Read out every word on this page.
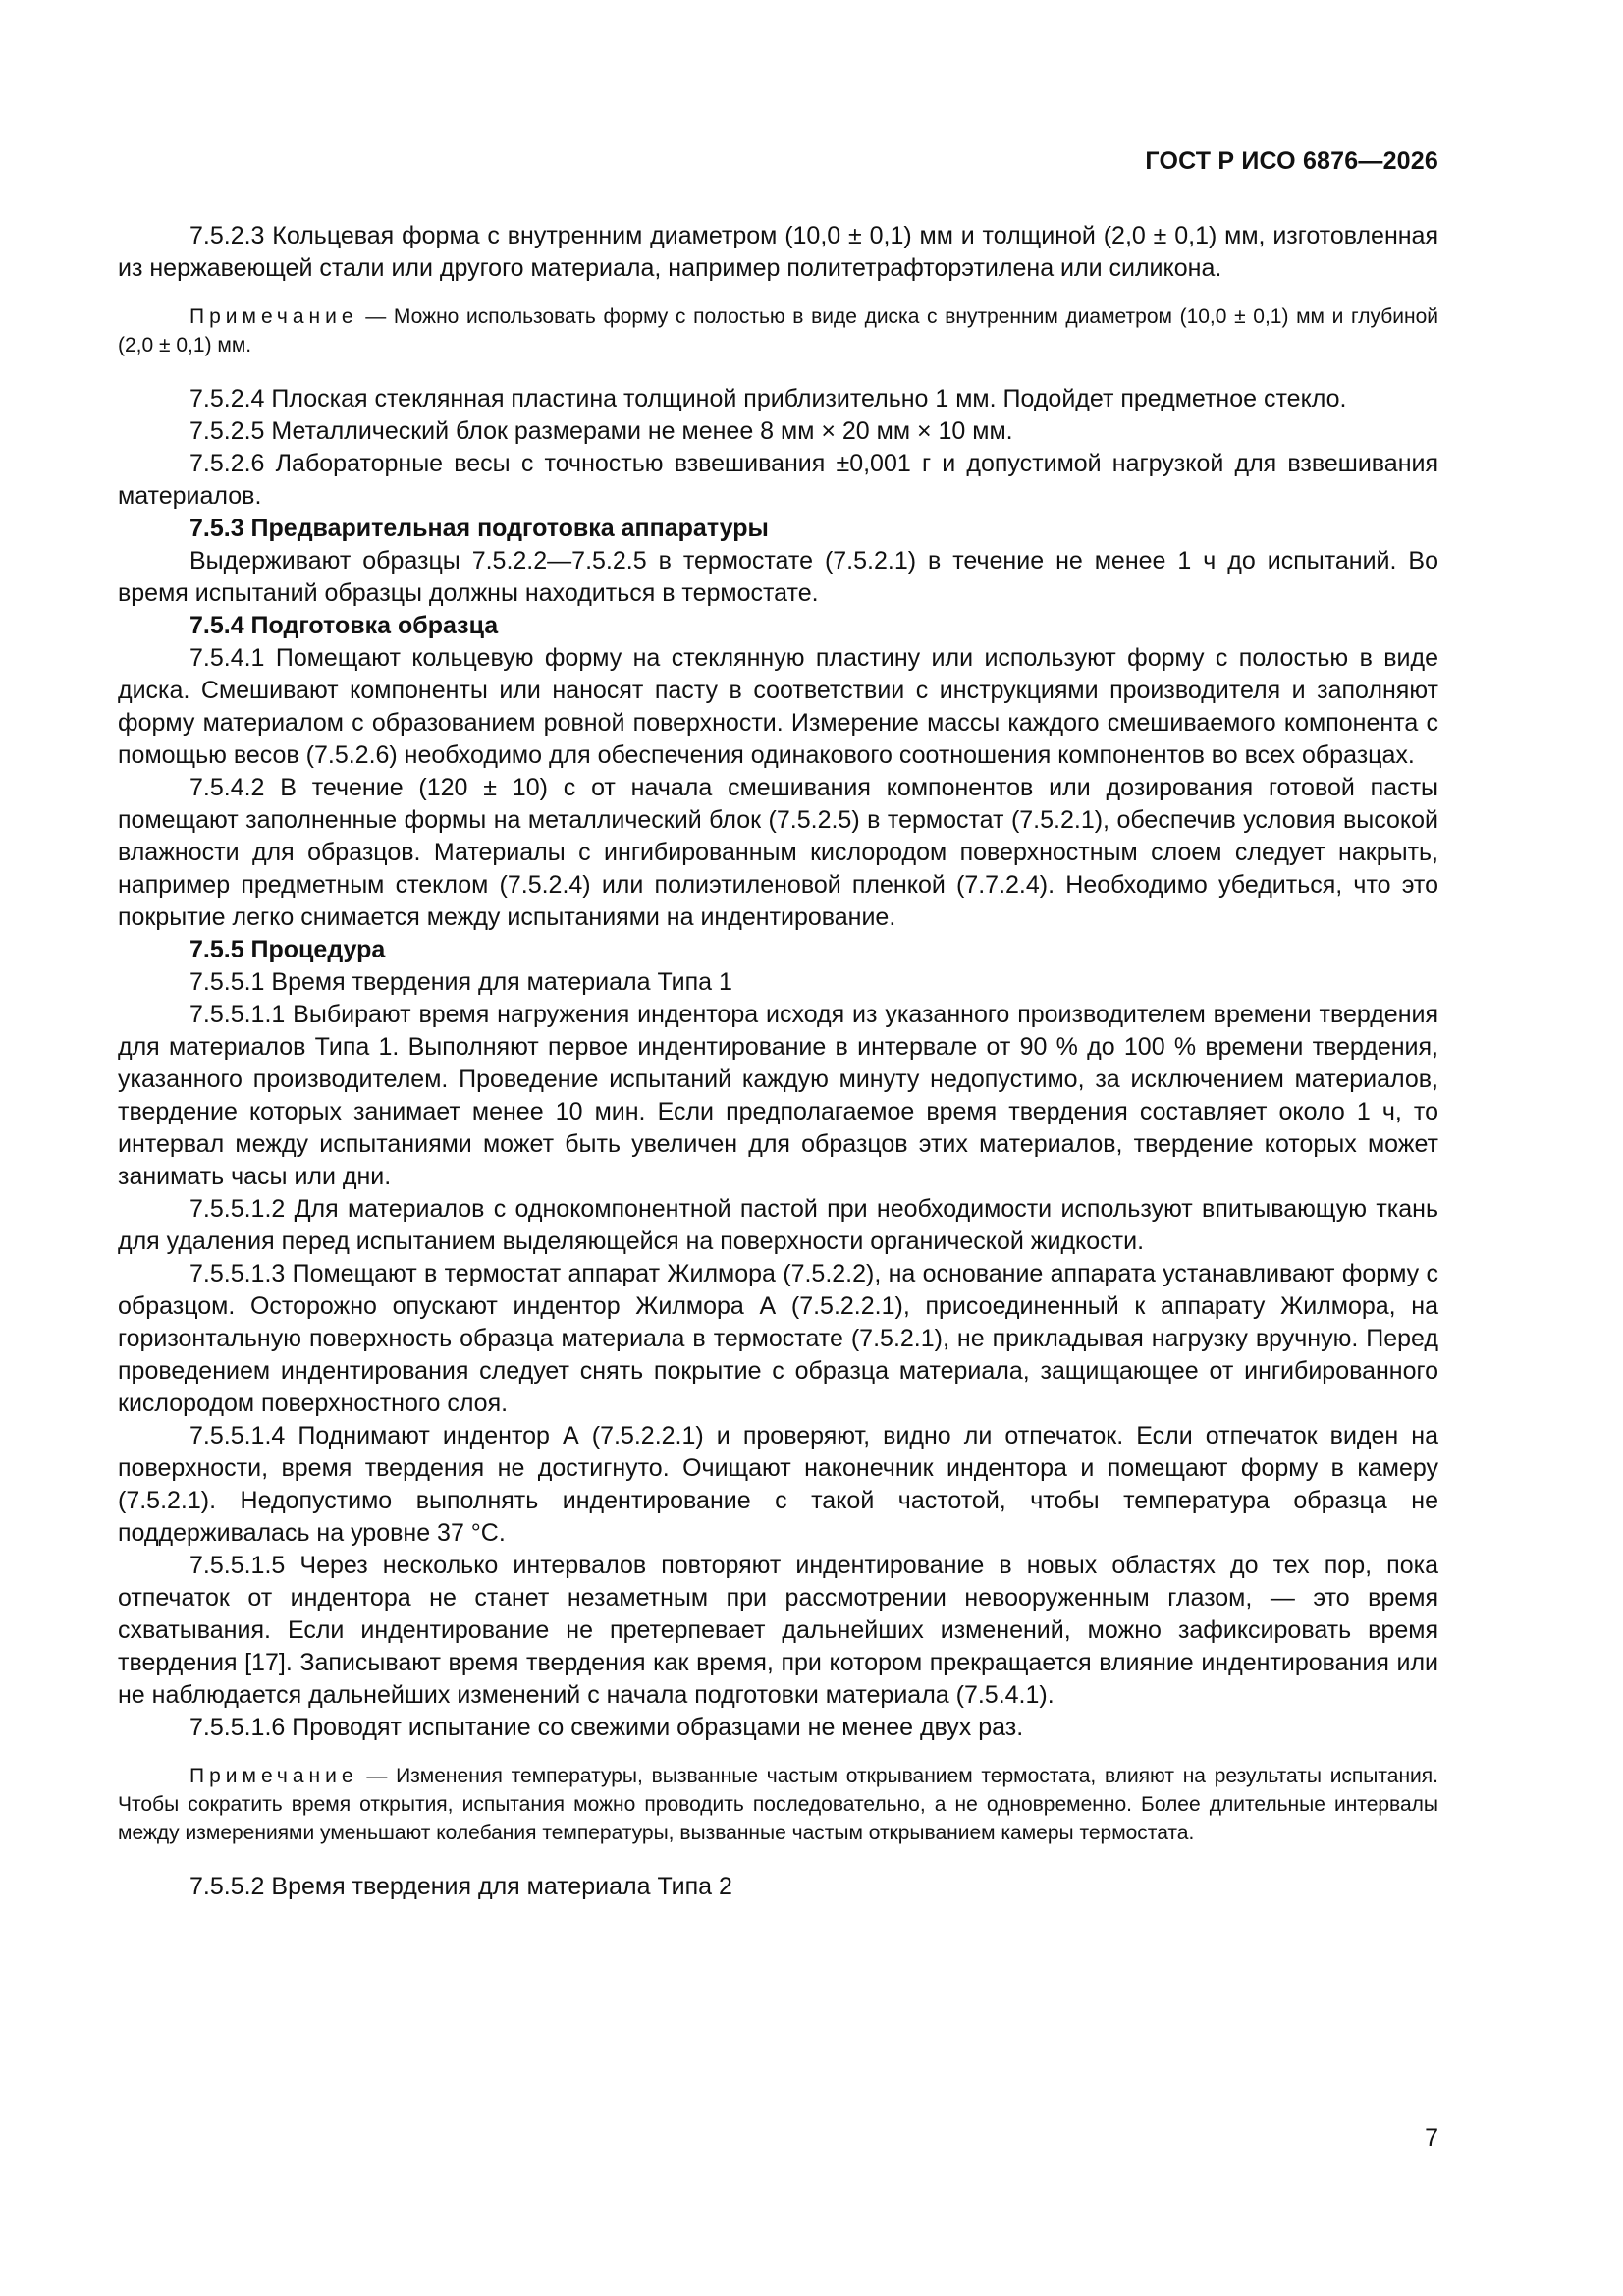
ГОСТ Р ИСО 6876—2026

7.5.2.3 Кольцевая форма с внутренним диаметром (10,0 ± 0,1) мм и толщиной (2,0 ± 0,1) мм, изготовленная из нержавеющей стали или другого материала, например политетрафторэтилена или силикона.

Примечание — Можно использовать форму с полостью в виде диска с внутренним диаметром (10,0 ± 0,1) мм и глубиной (2,0 ± 0,1) мм.

7.5.2.4 Плоская стеклянная пластина толщиной приблизительно 1 мм. Подойдет предметное стекло.

7.5.2.5 Металлический блок размерами не менее 8 мм × 20 мм × 10 мм.

7.5.2.6 Лабораторные весы с точностью взвешивания ±0,001 г и допустимой нагрузкой для взвешивания материалов.

7.5.3 Предварительная подготовка аппаратуры

Выдерживают образцы 7.5.2.2—7.5.2.5 в термостате (7.5.2.1) в течение не менее 1 ч до испытаний. Во время испытаний образцы должны находиться в термостате.

7.5.4 Подготовка образца

7.5.4.1 Помещают кольцевую форму на стеклянную пластину или используют форму с полостью в виде диска. Смешивают компоненты или наносят пасту в соответствии с инструкциями производителя и заполняют форму материалом с образованием ровной поверхности. Измерение массы каждого смешиваемого компонента с помощью весов (7.5.2.6) необходимо для обеспечения одинакового соотношения компонентов во всех образцах.

7.5.4.2 В течение (120 ± 10) с от начала смешивания компонентов или дозирования готовой пасты помещают заполненные формы на металлический блок (7.5.2.5) в термостат (7.5.2.1), обеспечив условия высокой влажности для образцов. Материалы с ингибированным кислородом поверхностным слоем следует накрыть, например предметным стеклом (7.5.2.4) или полиэтиленовой пленкой (7.7.2.4). Необходимо убедиться, что это покрытие легко снимается между испытаниями на индентирование.

7.5.5 Процедура

7.5.5.1 Время твердения для материала Типа 1

7.5.5.1.1 Выбирают время нагружения индентора исходя из указанного производителем времени твердения для материалов Типа 1. Выполняют первое индентирование в интервале от 90 % до 100 % времени твердения, указанного производителем. Проведение испытаний каждую минуту недопустимо, за исключением материалов, твердение которых занимает менее 10 мин. Если предполагаемое время твердения составляет около 1 ч, то интервал между испытаниями может быть увеличен для образцов этих материалов, твердение которых может занимать часы или дни.

7.5.5.1.2 Для материалов с однокомпонентной пастой при необходимости используют впитывающую ткань для удаления перед испытанием выделяющейся на поверхности органической жидкости.

7.5.5.1.3 Помещают в термостат аппарат Жилмора (7.5.2.2), на основание аппарата устанавливают форму с образцом. Осторожно опускают индентор Жилмора А (7.5.2.2.1), присоединенный к аппарату Жилмора, на горизонтальную поверхность образца материала в термостате (7.5.2.1), не прикладывая нагрузку вручную. Перед проведением индентирования следует снять покрытие с образца материала, защищающее от ингибированного кислородом поверхностного слоя.

7.5.5.1.4 Поднимают индентор А (7.5.2.2.1) и проверяют, видно ли отпечаток. Если отпечаток виден на поверхности, время твердения не достигнуто. Очищают наконечник индентора и помещают форму в камеру (7.5.2.1). Недопустимо выполнять индентирование с такой частотой, чтобы температура образца не поддерживалась на уровне 37 °С.

7.5.5.1.5 Через несколько интервалов повторяют индентирование в новых областях до тех пор, пока отпечаток от индентора не станет незаметным при рассмотрении невооруженным глазом, — это время схватывания. Если индентирование не претерпевает дальнейших изменений, можно зафиксировать время твердения [17]. Записывают время твердения как время, при котором прекращается влияние индентирования или не наблюдается дальнейших изменений с начала подготовки материала (7.5.4.1).

7.5.5.1.6 Проводят испытание со свежими образцами не менее двух раз.

Примечание — Изменения температуры, вызванные частым открыванием термостата, влияют на результаты испытания. Чтобы сократить время открытия, испытания можно проводить последовательно, а не одновременно. Более длительные интервалы между измерениями уменьшают колебания температуры, вызванные частым открыванием камеры термостата.

7.5.5.2 Время твердения для материала Типа 2

7
